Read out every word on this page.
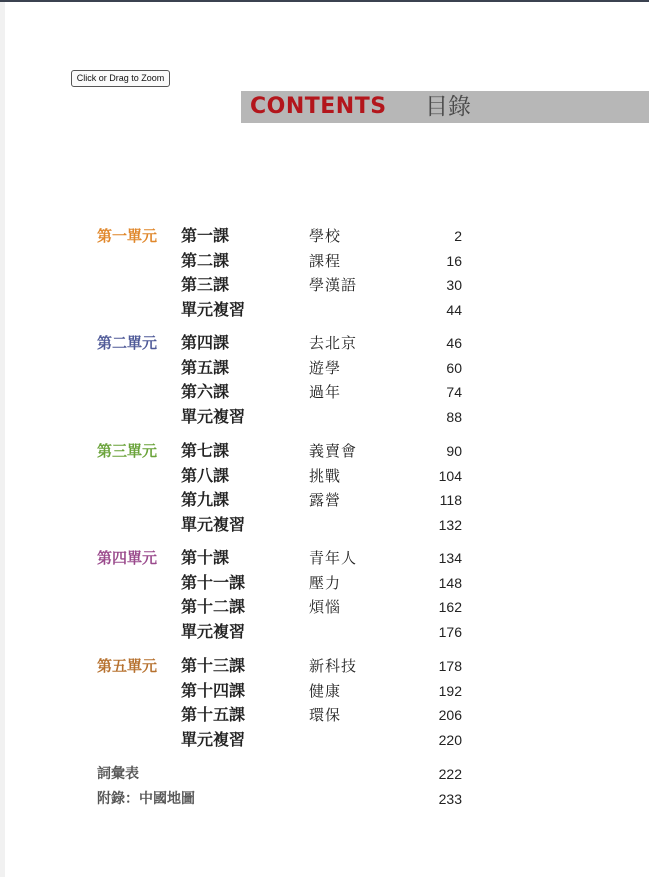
Click or Drag to Zoom
CONTENTS 目錄
第一單元 第一課	學校	2
第二課	課程	16
第三課	學漢語	30
單元複習	44
第二單元 第四課	去北京	46
第五課	遊學	60
第六課	過年	74
單元複習	88
第三單元 第七課	義賣會	90
第八課	挑戰	104
第九課	露營	118
單元複習	132
第四單元 第十課	青年人	134
第十一課	壓力	148
第十二課	煩惱	162
單元複習	176
第五單元 第十三課	新科技	178
第十四課	健康	192
第十五課	環保	206
單元複習	220
詞彙表	222
附錄：中國地圖	233
